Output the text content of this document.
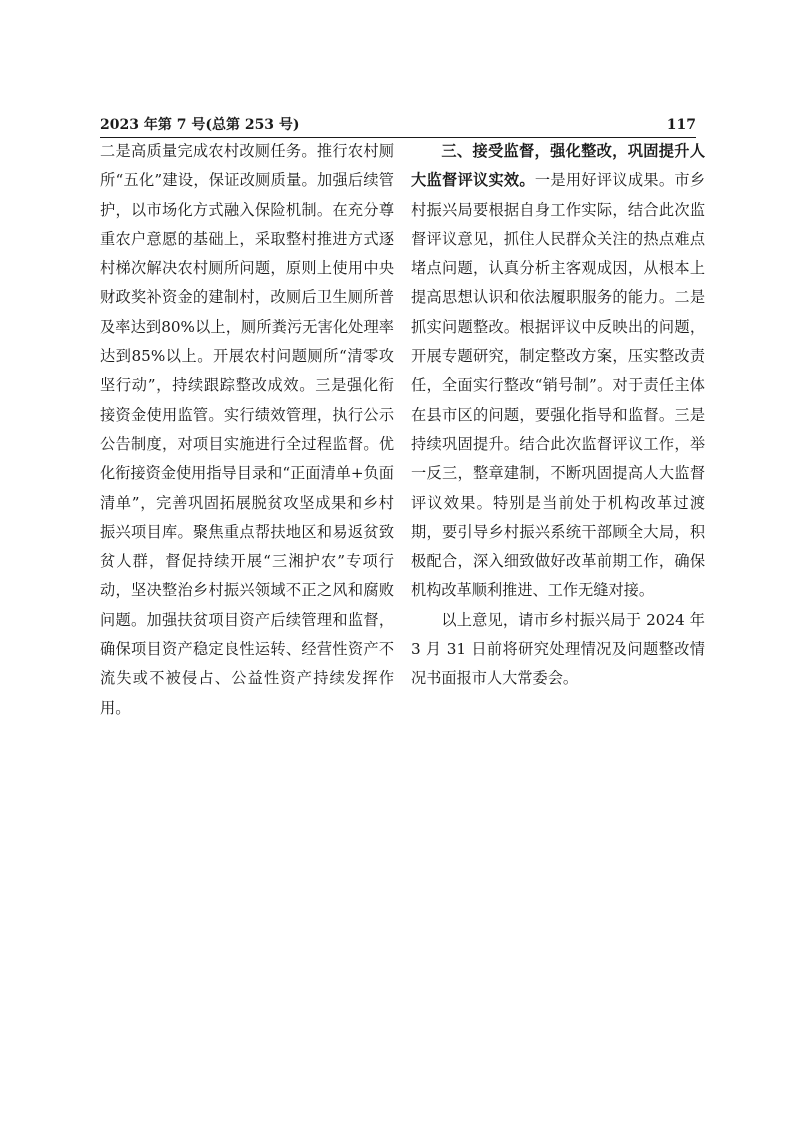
2023 年第 7 号(总第 253 号)	117

二是高质量完成农村改厕任务。推行农村厕所“五化”建设，保证改厕质量。加强后续管护，以市场化方式融入保险机制。在充分尊重农户意愿的基础上，采取整村推进方式逐村梯次解决农村厕所问题，原则上使用中央财政奖补资金的建制村，改厕后卫生厕所普及率达到80%以上，厕所粪污无害化处理率达到85%以上。开展农村问题厕所“清零攻坚行动”，持续跟踪整改成效。三是强化衔接资金使用监管。实行绩效管理，执行公示公告制度，对项目实施进行全过程监督。优化衔接资金使用指导目录和“正面清单+负面清单”，完善巩固拓展脱贫攻坚成果和乡村振兴项目库。聚焦重点帮扶地区和易返贫致贫人群，督促持续开展“三湘护农”专项行动，坚决整治乡村振兴领域不正之风和腐败问题。加强扶贫项目资产后续管理和监督，确保项目资产稳定良性运转、经营性资产不流失或不被侵占、公益性资产持续发挥作用。

三、接受监督，强化整改，巩固提升人大监督评议实效。一是用好评议成果。市乡村振兴局要根据自身工作实际，结合此次监督评议意见，抓住人民群众关注的热点难点堵点问题，认真分析主客观成因，从根本上提高思想认识和依法履职服务的能力。二是抓实问题整改。根据评议中反映出的问题，开展专题研究，制定整改方案，压实整改责任，全面实行整改“销号制”。对于责任主体在县市区的问题，要强化指导和监督。三是持续巩固提升。结合此次监督评议工作，举一反三，整章建制，不断巩固提高人大监督评议效果。特别是当前处于机构改革过渡期，要引导乡村振兴系统干部顾全大局，积极配合，深入细致做好改革前期工作，确保机构改革顺利推进、工作无缝对接。

以上意见，请市乡村振兴局于 2024 年 3 月 31 日前将研究处理情况及问题整改情况书面报市人大常委会。
